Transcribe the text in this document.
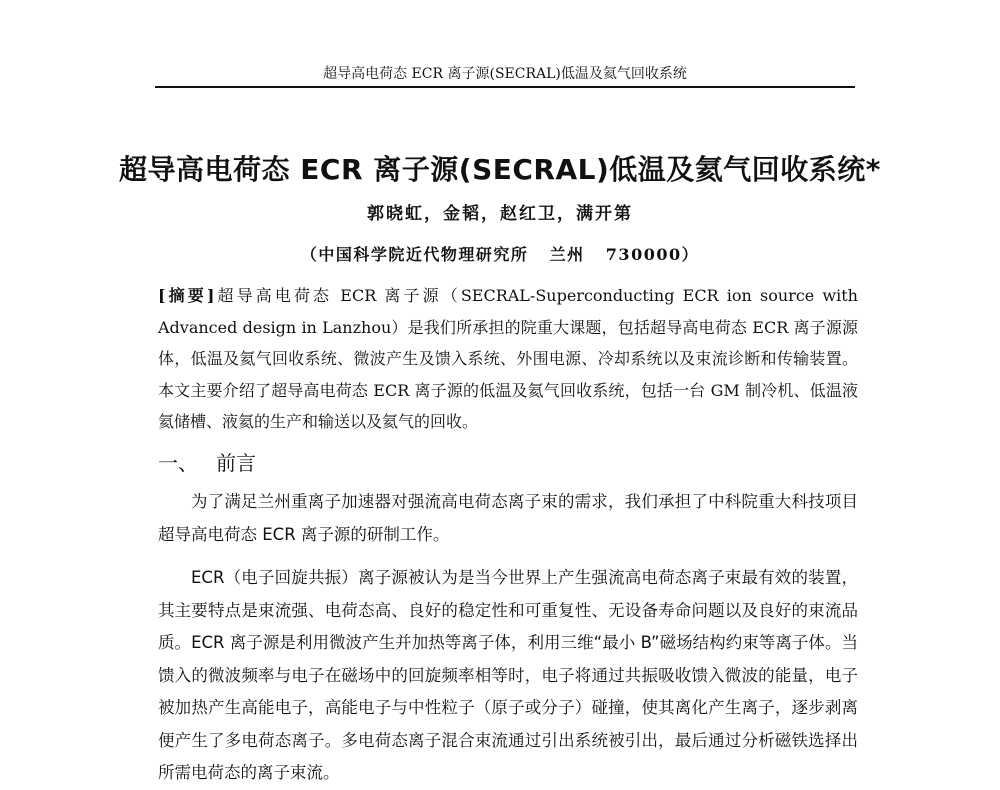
超导高电荷态 ECR 离子源(SECRAL)低温及氦气回收系统
超导高电荷态 ECR 离子源(SECRAL)低温及氦气回收系统*
郭晓虹，金韬，赵红卫，满开第
（中国科学院近代物理研究所   兰州   730000）
[摘要]超导高电荷态 ECR 离子源（SECRAL-Superconducting ECR ion source with Advanced design in Lanzhou）是我们所承担的院重大课题，包括超导高电荷态 ECR 离子源源体，低温及氦气回收系统、微波产生及馈入系统、外围电源、冷却系统以及束流诊断和传输装置。本文主要介绍了超导高电荷态 ECR 离子源的低温及氦气回收系统，包括一台 GM 制冷机、低温液氦储槽、液氦的生产和输送以及氦气的回收。
一、 前言
为了满足兰州重离子加速器对强流高电荷态离子束的需求，我们承担了中科院重大科技项目超导高电荷态 ECR 离子源的研制工作。
ECR（电子回旋共振）离子源被认为是当今世界上产生强流高电荷态离子束最有效的装置，其主要特点是束流强、电荷态高、良好的稳定性和可重复性、无设备寿命问题以及良好的束流品质。ECR 离子源是利用微波产生并加热等离子体，利用三维“最小 B”磁场结构约束等离子体。当馈入的微波频率与电子在磁场中的回旋频率相等时，电子将通过共振吸收馈入微波的能量，电子被加热产生高能电子，高能电子与中性粒子（原子或分子）碰撞，使其离化产生离子，逐步剥离便产生了多电荷态离子。多电荷态离子混合束流通过引出系统被引出，最后通过分析磁铁选择出所需电荷态的离子束流。
